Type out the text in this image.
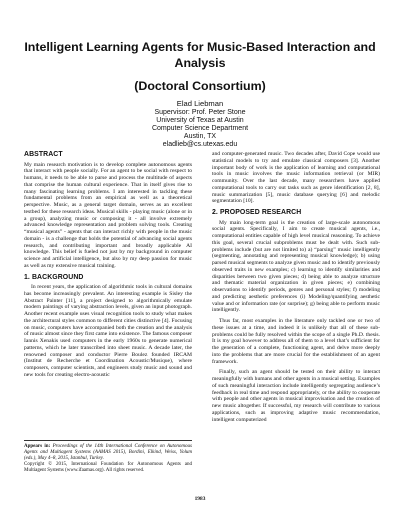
Intelligent Learning Agents for Music-Based Interaction and Analysis
(Doctoral Consortium)
Elad Liebman
Supervisor: Prof. Peter Stone
University of Texas at Austin
Computer Science Department
Austin, TX
eladlieb@cs.utexas.edu
ABSTRACT

My main research motivation is to develop complete autonomous agents that interact with people socially. For an agent to be social with respect to humans, it needs to be able to parse and process the multitude of aspects that comprise the human cultural experience. That in itself gives rise to many fascinating learning problems. I am interested in tackling these fundamental problems from an empirical as well as a theoretical perspective. Music, as a general target domain, serves as an excellent testbed for these research ideas. Musical skills - playing music (alone or in a group), analyzing music or composing it - all involve extremely advanced knowledge representation and problem solving tools. Creating “musical agents” - agents that can interact richly with people in the music domain - is a challenge that holds the potential of advancing social agents research, and contributing important and broadly applicable AI knowledge. This belief is fueled not just by my background in computer science and artificial intelligence, but also by my deep passion for music as well as my extensive musical training.

1. BACKGROUND

In recent years, the application of algorithmic tools in cultural domains has become increasingly prevalent. An interesting example is Sisley the Abstract Painter [11], a project designed to algorithmically emulate modern paintings of varying abstraction levels, given an input photograph. Another recent example uses visual recognition tools to study what makes the architectural styles common to different cities distinctive [4]. Focusing on music, computers have accompanied both the creation and the analysis of music almost since they first came into existence. The famous composer Iannis Xenakis used computers in the early 1960s to generate numerical patterns, which he later transcribed into sheet music. A decade later, the renowned composer and conductor Pierre Boulez founded IRCAM (Institut de Recherche et Coordination Acoustic/Musique), where composers, computer scientists, and engineers study music and sound and new tools for creating electro-acoustic

and computer-generated music. Two decades after, David Cope would use statistical models to try and emulate classical composers [3]. Another important body of work is the application of learning and computational tools in music involves the music information retrieval (or MIR) community. Over the last decade, many researchers have applied computational tools to carry out tasks such as genre identification [2, 8], music summarization [5], music database querying [6] and melodic segmentation [10].

2. PROPOSED RESEARCH

My main long-term goal is the creation of large-scale autonomous social agents. Specifically, I aim to create musical agents, i.e., computational entities capable of high level musical reasoning. To achieve this goal, several crucial subproblems must be dealt with. Such sub-problems include (but are not limited to) a) “parsing” music intelligently (segmenting, annotating and representing musical knowledge); b) using parsed musical segments to analyze given music and to identify previously observed traits in new examples; c) learning to identify similarities and disparities between two given pieces; d) being able to analyze structure and thematic material organization in given pieces; e) combining observations to identify periods, genres and personal styles; f) modeling and predicting aesthetic preferences (i) Modeling/quantifying aesthetic value and or information rate (or surprise); g) being able to perform music intelligently.

Thus far, most examples in the literature only tackled one or two of these issues at a time, and indeed it is unlikely that all of these sub-problems could be fully resolved within the scope of a single Ph.D. thesis. It is my goal however to address all of them to a level that’s sufficient for the generation of a complete, functioning agent, and delve more deeply into the problems that are more crucial for the establishment of an agent framework.

Finally, such an agent should be tested on their ability to interact meaningfully with humans and other agents in a musical setting. Examples of such meaningful interaction include intelligently segregating audience’s feedback in real time and respond appropriately, or the ability to cooperate with people and other agents in musical improvisation and the creation of new music altogether. If successful, my research will contribute to various applications, such as improving adaptive music recommendation, intelligent computerized

Appears in: Proceedings of the 14th International Conference on Autonomous Agents and Multiagent Systems (AAMAS 2015), Bordini, Elkind, Weiss, Yolum (eds.), May 4–8, 2015, Istanbul, Turkey.
Copyright © 2015, International Foundation for Autonomous Agents and Multiagent Systems (www.ifaamas.org). All rights reserved.
1983
